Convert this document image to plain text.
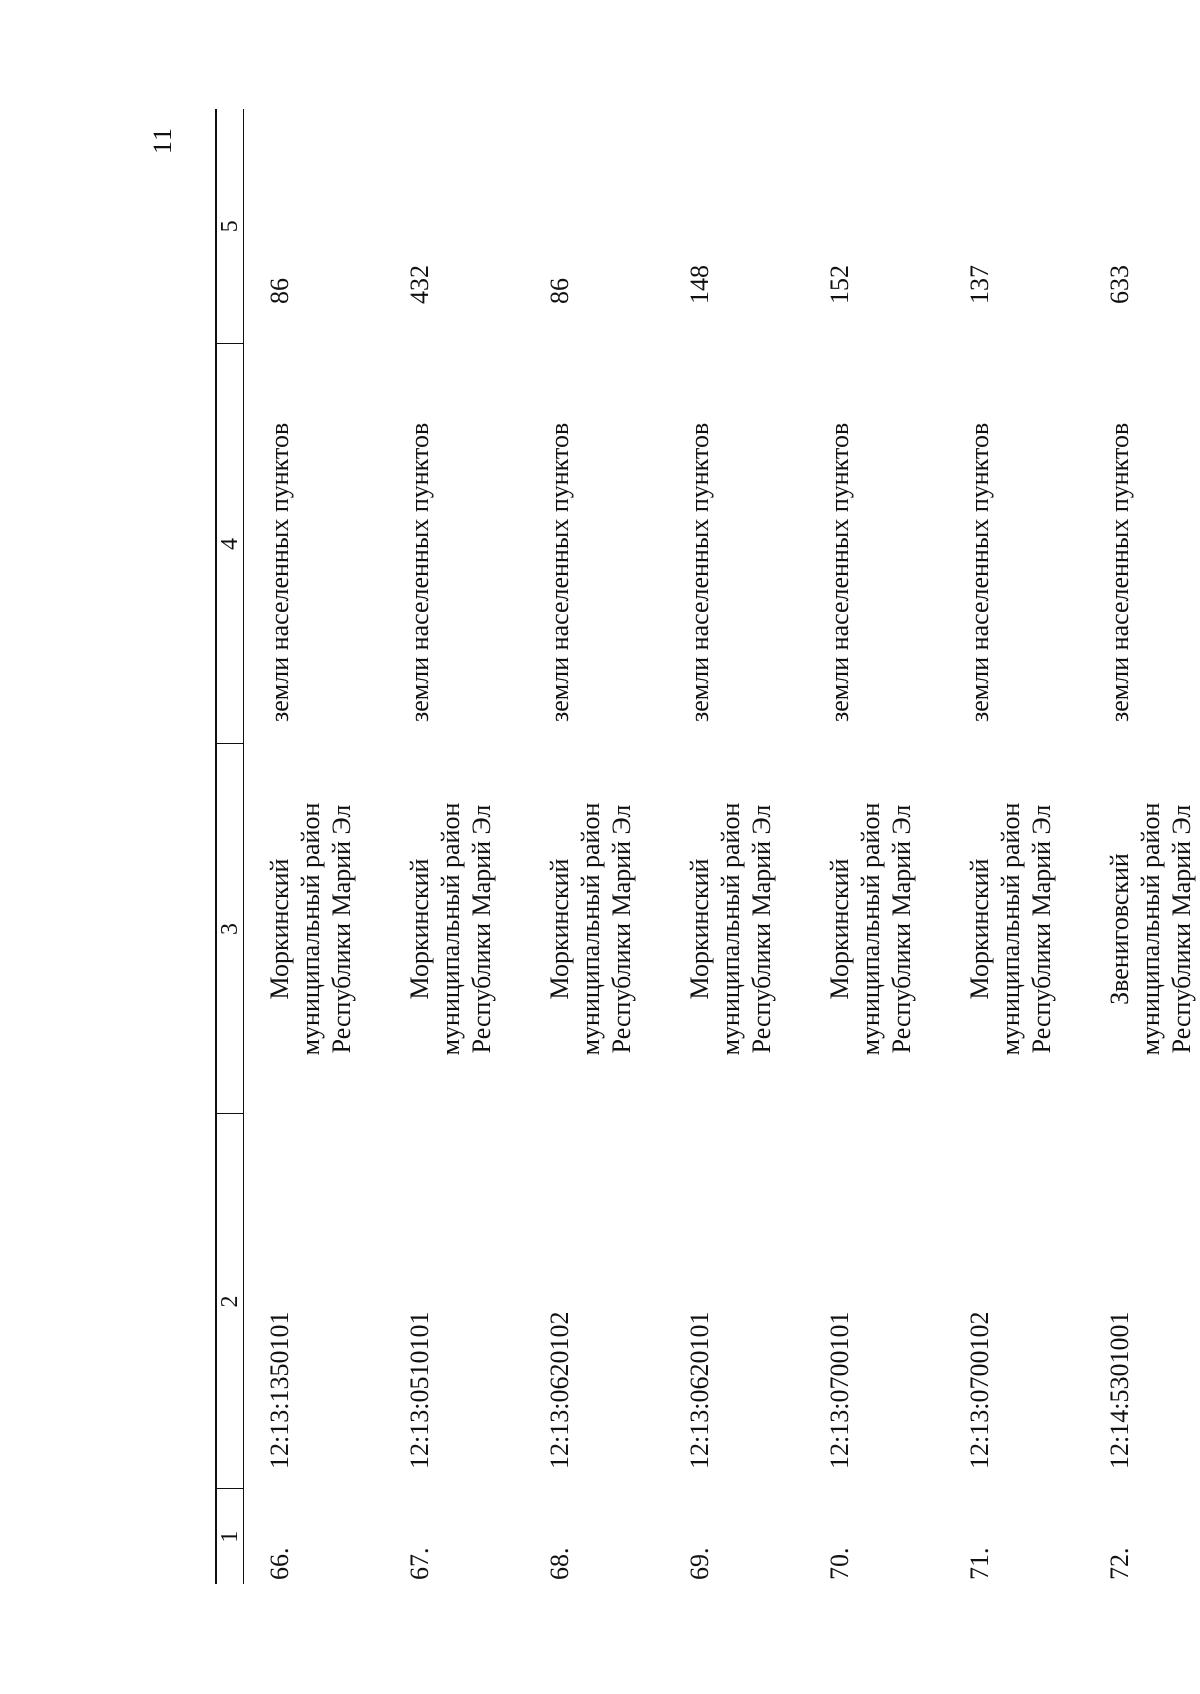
11
1	2	3	4	5
66.	12:13:1350101	Моркинский муниципальный район Республики Марий Эл	земли населенных пунктов	86
67.	12:13:0510101	Моркинский муниципальный район Республики Марий Эл	земли населенных пунктов	432
68.	12:13:0620102	Моркинский муниципальный район Республики Марий Эл	земли населенных пунктов	86
69.	12:13:0620101	Моркинский муниципальный район Республики Марий Эл	земли населенных пунктов	148
70.	12:13:0700101	Моркинский муниципальный район Республики Марий Эл	земли населенных пунктов	152
71.	12:13:0700102	Моркинский муниципальный район Республики Марий Эл	земли населенных пунктов	137
72.	12:14:5301001	Звениговский муниципальный район Республики Марий Эл	земли населенных пунктов	633
